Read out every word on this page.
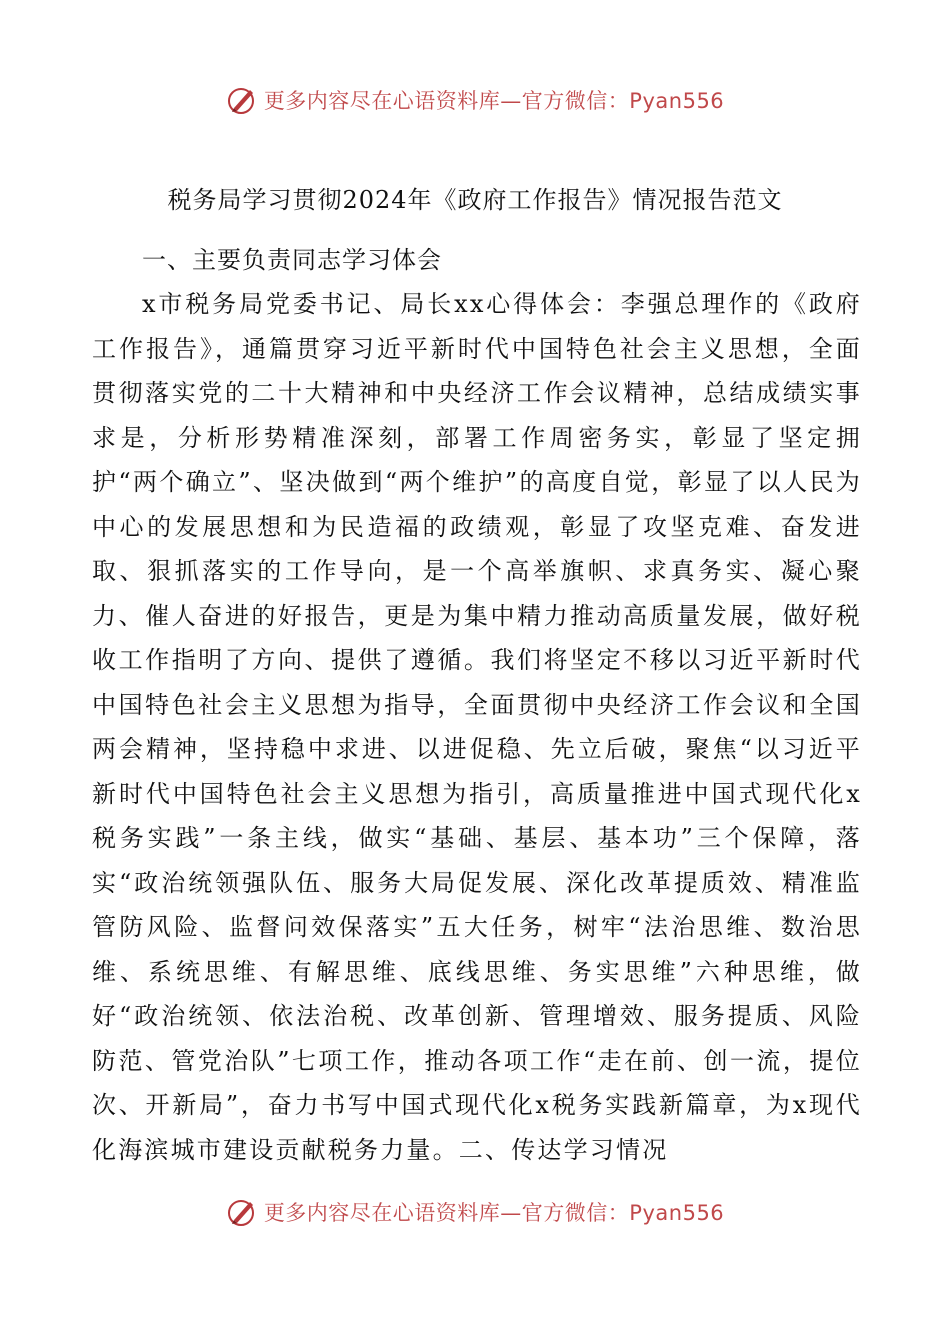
更多内容尽在心语资料库—官方微信：Pyan556
税务局学习贯彻2024年《政府工作报告》情况报告范文
一、主要负责同志学习体会

x市税务局党委书记、局长xx心得体会：李强总理作的《政府工作报告》，通篇贯穿习近平新时代中国特色社会主义思想，全面贯彻落实党的二十大精神和中央经济工作会议精神，总结成绩实事求是，分析形势精准深刻，部署工作周密务实，彰显了坚定拥护“两个确立”、坚决做到“两个维护”的高度自觉，彰显了以人民为中心的发展思想和为民造福的政绩观，彰显了攻坚克难、奋发进取、狠抓落实的工作导向，是一个高举旗帜、求真务实、凝心聚力、催人奋进的好报告，更是为集中精力推动高质量发展，做好税收工作指明了方向、提供了遵循。我们将坚定不移以习近平新时代中国特色社会主义思想为指导，全面贯彻中央经济工作会议和全国两会精神，坚持稳中求进、以进促稳、先立后破，聚焦“以习近平新时代中国特色社会主义思想为指引，高质量推进中国式现代化x税务实践”一条主线，做实“基础、基层、基本功”三个保障，落实“政治统领强队伍、服务大局促发展、深化改革提质效、精准监管防风险、监督问效保落实”五大任务，树牢“法治思维、数治思维、系统思维、有解思维、底线思维、务实思维”六种思维，做好“政治统领、依法治税、改革创新、管理增效、服务提质、风险防范、管党治队”七项工作，推动各项工作“走在前、创一流，提位次、开新局”，奋力书写中国式现代化x税务实践新篇章，为x现代化海滨城市建设贡献税务力量。二、传达学习情况

更多内容尽在心语资料库—官方微信：Pyan556
